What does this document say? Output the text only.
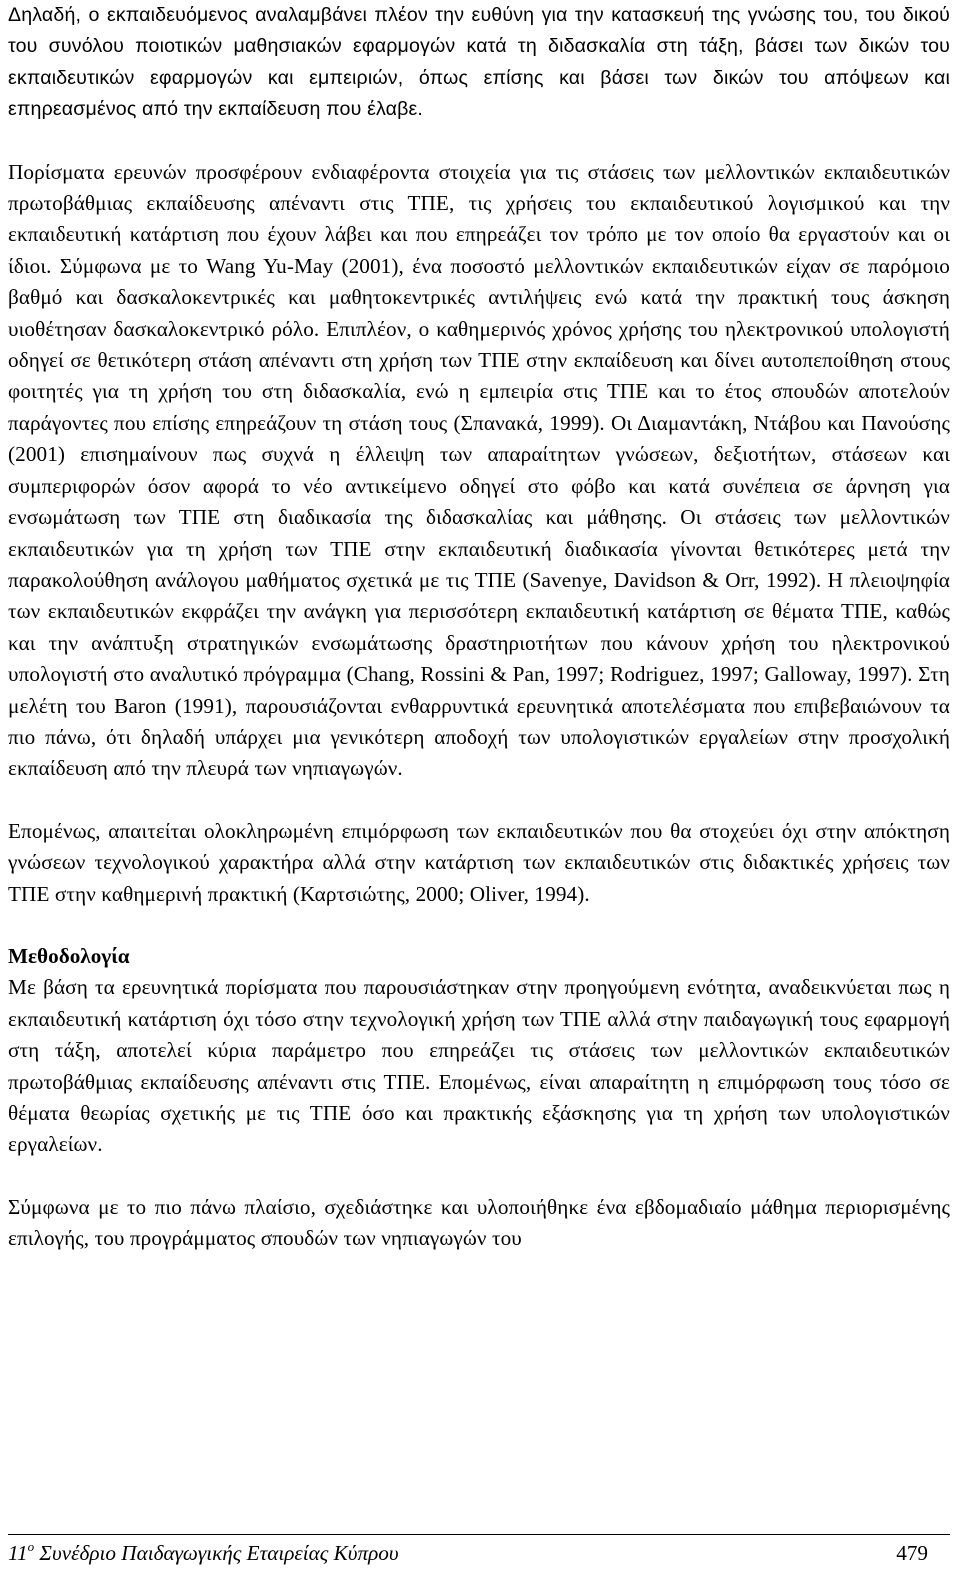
Δηλαδή, ο εκπαιδευόμενος αναλαμβάνει πλέον την ευθύνη για την κατασκευή της γνώσης του, του δικού του συνόλου ποιοτικών μαθησιακών εφαρμογών κατά τη διδασκαλία στη τάξη, βάσει των δικών του εκπαιδευτικών εφαρμογών και εμπειριών, όπως επίσης και βάσει των δικών του απόψεων και επηρεασμένος από την εκπαίδευση που έλαβε.

Πορίσματα ερευνών προσφέρουν ενδιαφέροντα στοιχεία για τις στάσεις των μελλοντικών εκπαιδευτικών πρωτοβάθμιας εκπαίδευσης απέναντι στις ΤΠΕ, τις χρήσεις του εκπαιδευτικού λογισμικού και την εκπαιδευτική κατάρτιση που έχουν λάβει και που επηρεάζει τον τρόπο με τον οποίο θα εργαστούν και οι ίδιοι. Σύμφωνα με το Wang Yu-May (2001), ένα ποσοστό μελλοντικών εκπαιδευτικών είχαν σε παρόμοιο βαθμό και δασκαλοκεντρικές και μαθητοκεντρικές αντιλήψεις ενώ κατά την πρακτική τους άσκηση υιοθέτησαν δασκαλοκεντρικό ρόλο. Επιπλέον, ο καθημερινός χρόνος χρήσης του ηλεκτρονικού υπολογιστή οδηγεί σε θετικότερη στάση απέναντι στη χρήση των ΤΠΕ στην εκπαίδευση και δίνει αυτοπεποίθηση στους φοιτητές για τη χρήση του στη διδασκαλία, ενώ η εμπειρία στις ΤΠΕ και το έτος σπουδών αποτελούν παράγοντες που επίσης επηρεάζουν τη στάση τους (Σπανακά, 1999). Οι Διαμαντάκη, Ντάβου και Πανούσης (2001) επισημαίνουν πως συχνά η έλλειψη των απαραίτητων γνώσεων, δεξιοτήτων, στάσεων και συμπεριφορών όσον αφορά το νέο αντικείμενο οδηγεί στο φόβο και κατά συνέπεια σε άρνηση για ενσωμάτωση των ΤΠΕ στη διαδικασία της διδασκαλίας και μάθησης. Οι στάσεις των μελλοντικών εκπαιδευτικών για τη χρήση των ΤΠΕ στην εκπαιδευτική διαδικασία γίνονται θετικότερες μετά την παρακολούθηση ανάλογου μαθήματος σχετικά με τις ΤΠΕ (Savenye, Davidson & Orr, 1992). Η πλειοψηφία των εκπαιδευτικών εκφράζει την ανάγκη για περισσότερη εκπαιδευτική κατάρτιση σε θέματα ΤΠΕ, καθώς και την ανάπτυξη στρατηγικών ενσωμάτωσης δραστηριοτήτων που κάνουν χρήση του ηλεκτρονικού υπολογιστή στο αναλυτικό πρόγραμμα (Chang, Rossini & Pan, 1997; Rodriguez, 1997; Galloway, 1997). Στη μελέτη του Baron (1991), παρουσιάζονται ενθαρρυντικά ερευνητικά αποτελέσματα που επιβεβαιώνουν τα πιο πάνω, ότι δηλαδή υπάρχει μια γενικότερη αποδοχή των υπολογιστικών εργαλείων στην προσχολική εκπαίδευση από την πλευρά των νηπιαγωγών.

Επομένως, απαιτείται ολοκληρωμένη επιμόρφωση των εκπαιδευτικών που θα στοχεύει όχι στην απόκτηση γνώσεων τεχνολογικού χαρακτήρα αλλά στην κατάρτιση των εκπαιδευτικών στις διδακτικές χρήσεις των ΤΠΕ στην καθημερινή πρακτική (Καρτσιώτης, 2000; Oliver, 1994).

Μεθοδολογία

Με βάση τα ερευνητικά πορίσματα που παρουσιάστηκαν στην προηγούμενη ενότητα, αναδεικνύεται πως η εκπαιδευτική κατάρτιση όχι τόσο στην τεχνολογική χρήση των ΤΠΕ αλλά στην παιδαγωγική τους εφαρμογή στη τάξη, αποτελεί κύρια παράμετρο που επηρεάζει τις στάσεις των μελλοντικών εκπαιδευτικών πρωτοβάθμιας εκπαίδευσης απέναντι στις ΤΠΕ. Επομένως, είναι απαραίτητη η επιμόρφωση τους τόσο σε θέματα θεωρίας σχετικής με τις ΤΠΕ όσο και πρακτικής εξάσκησης για τη χρήση των υπολογιστικών εργαλείων.

Σύμφωνα με το πιο πάνω πλαίσιο, σχεδιάστηκε και υλοποιήθηκε ένα εβδομαδιαίο μάθημα περιορισμένης επιλογής, του προγράμματος σπουδών των νηπιαγωγών του

$11^o$ Συνέδριο Παιδαγωγικής Εταιρείας Κύπρου	479
